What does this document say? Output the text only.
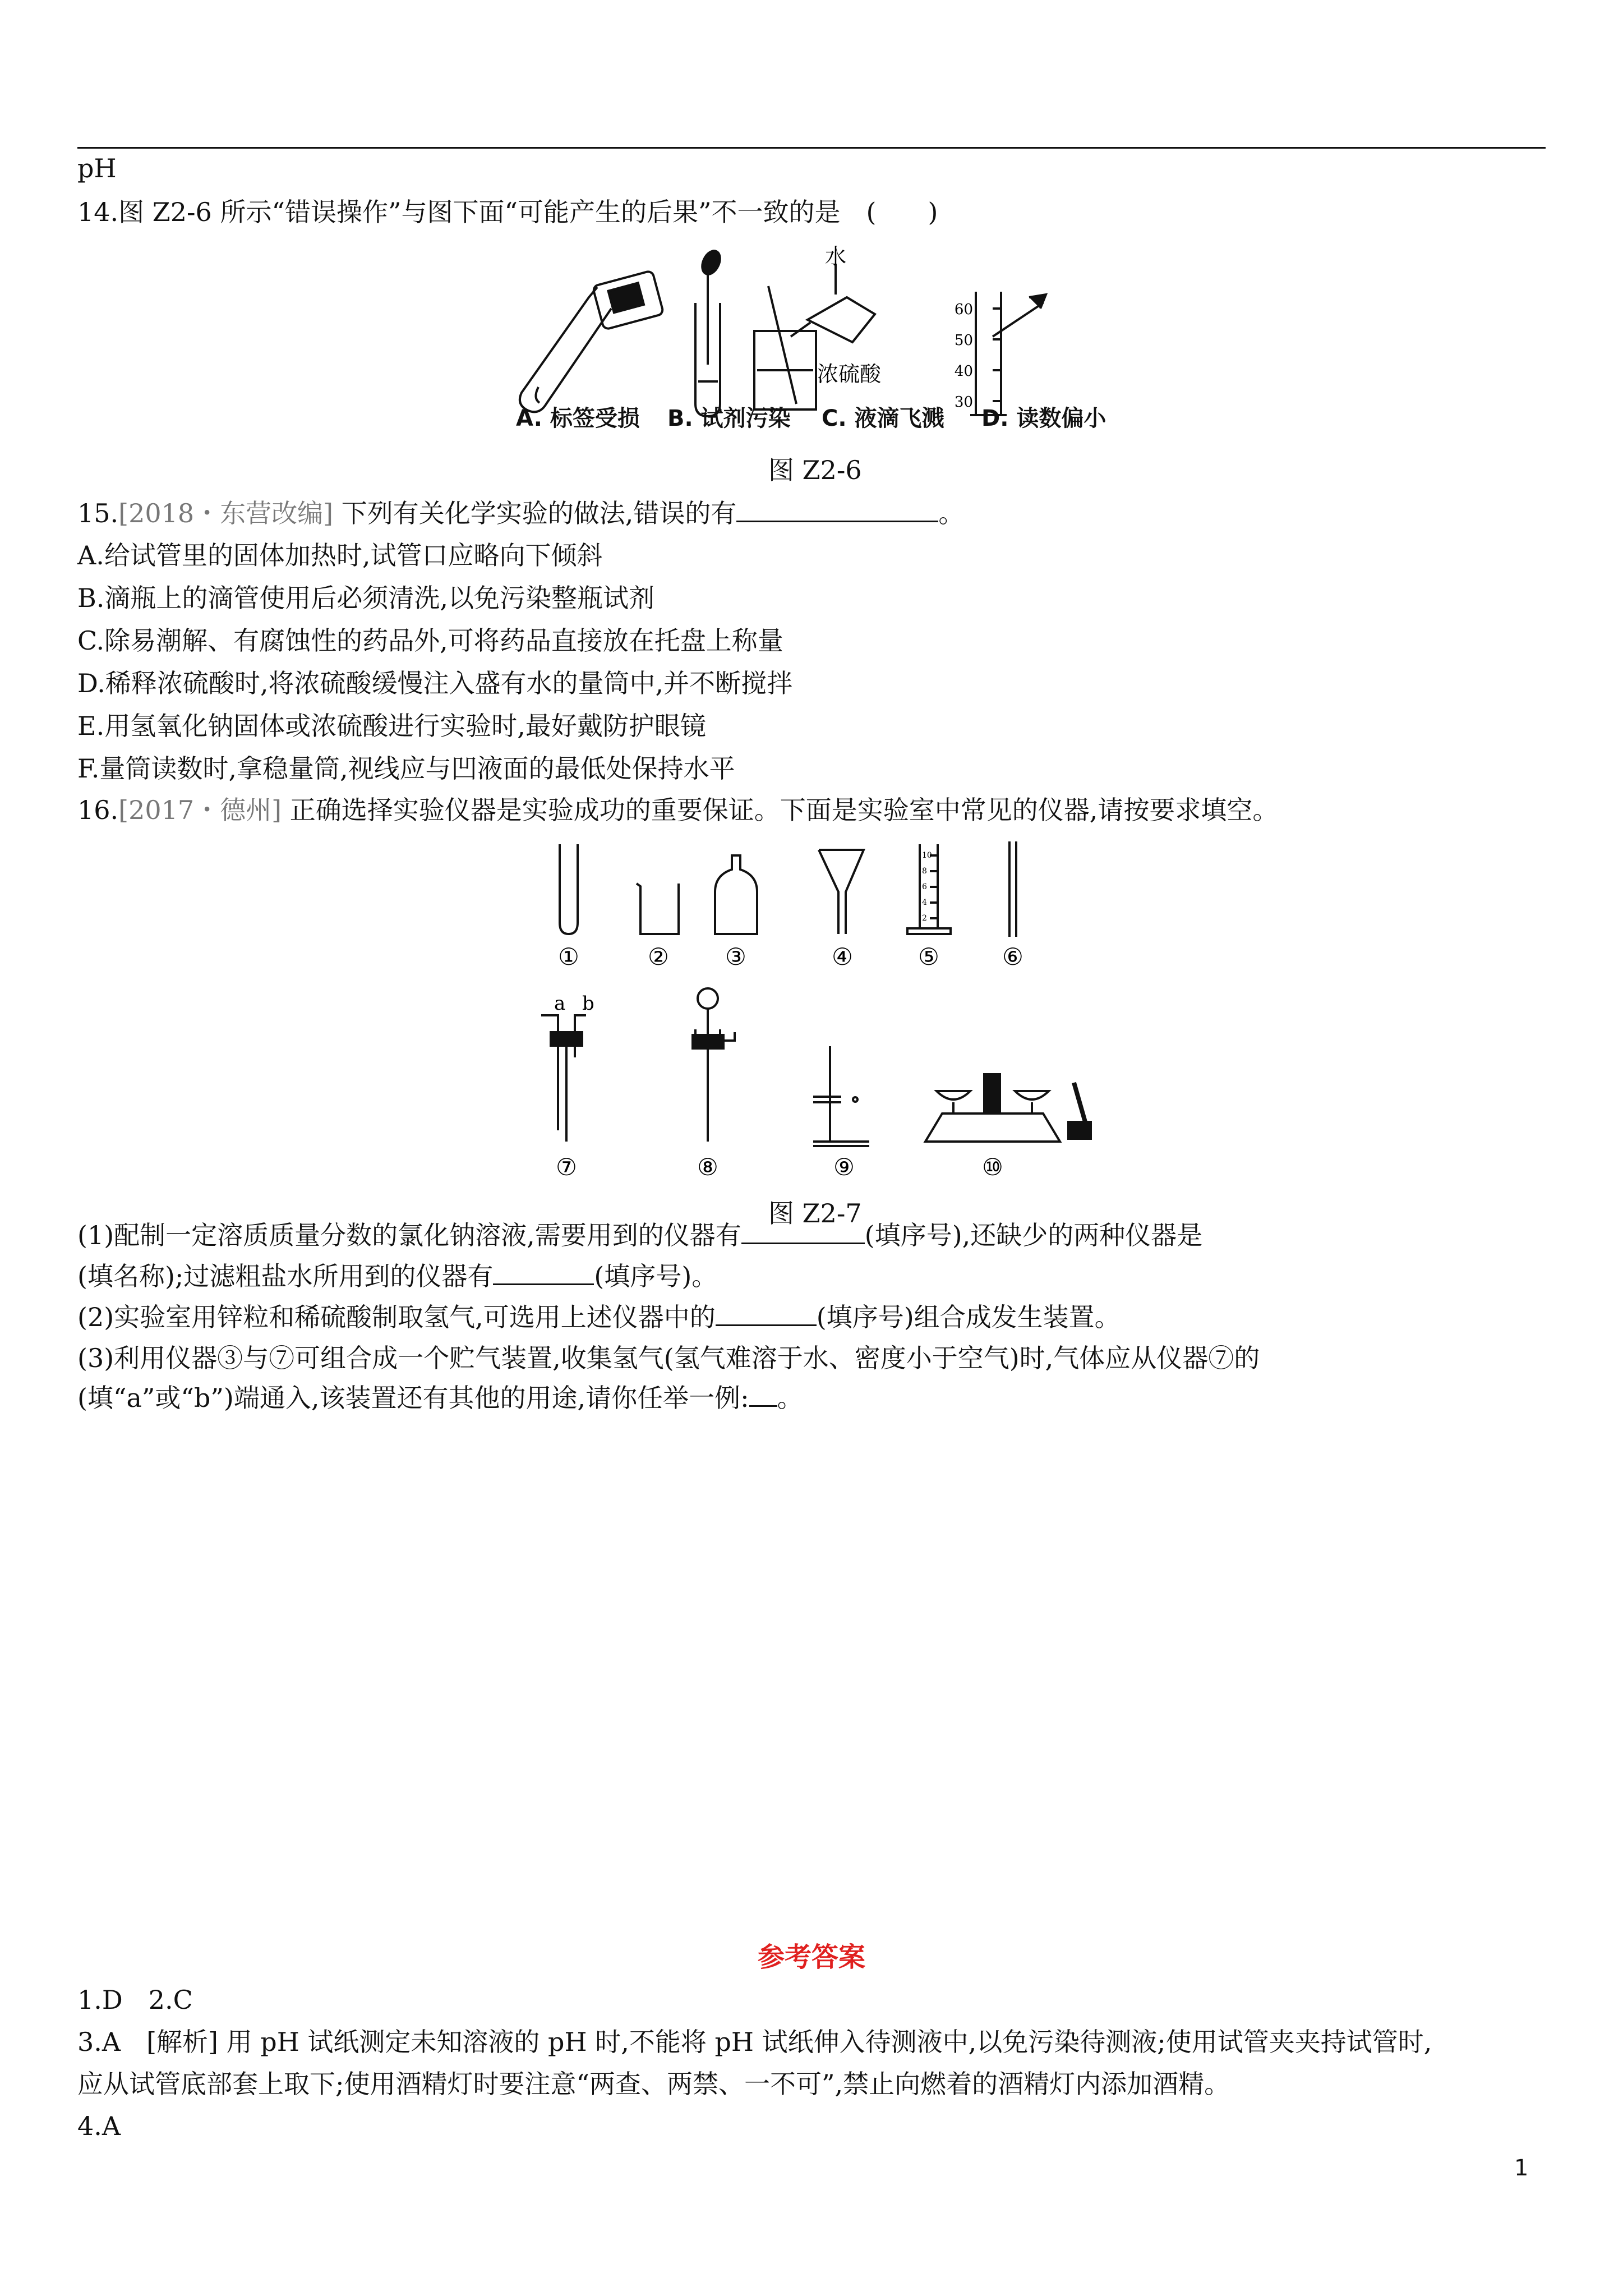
pH
14.图 Z2-6 所示“错误操作”与图下面“可能产生的后果”不一致的是　(　　)
水
浓硫酸
60
50
40
30
A. 标签受损 B. 试剂污染 C. 液滴飞溅 D. 读数偏小
图 Z2-6
15.[2018・东营改编] 下列有关化学实验的做法,错误的有	。
A.给试管里的固体加热时,试管口应略向下倾斜
B.滴瓶上的滴管使用后必须清洗,以免污染整瓶试剂
C.除易潮解、有腐蚀性的药品外,可将药品直接放在托盘上称量
D.稀释浓硫酸时,将浓硫酸缓慢注入盛有水的量筒中,并不断搅拌
E.用氢氧化钠固体或浓硫酸进行实验时,最好戴防护眼镜
F.量筒读数时,拿稳量筒,视线应与凹液面的最低处保持水平
16.[2017・德州] 正确选择实验仪器是实验成功的重要保证。下面是实验室中常见的仪器,请按要求填空。
a b
10
8
6
4
2
①	② ③	④	⑤	⑥
⑦	⑧	⑨	⑩
图 Z2-7
(1)配制一定溶质质量分数的氯化钠溶液,需要用到的仪器有	(填序号),还缺少的两种仪器是
(填名称);过滤粗盐水所用到的仪器有	(填序号)。
(2)实验室用锌粒和稀硫酸制取氢气,可选用上述仪器中的	(填序号)组合成发生装置。
(3)利用仪器③与⑦可组合成一个贮气装置,收集氢气(氢气难溶于水、密度小于空气)时,气体应从仪器⑦的
(填“a”或“b”)端通入,该装置还有其他的用途,请你任举一例: 。
参考答案
1.D　2.C
3.A　[解析] 用 pH 试纸测定未知溶液的 pH 时,不能将 pH 试纸伸入待测液中,以免污染待测液;使用试管夹夹持试管时,
应从试管底部套上取下;使用酒精灯时要注意“两查、两禁、一不可”,禁止向燃着的酒精灯内添加酒精。
4.A
1
